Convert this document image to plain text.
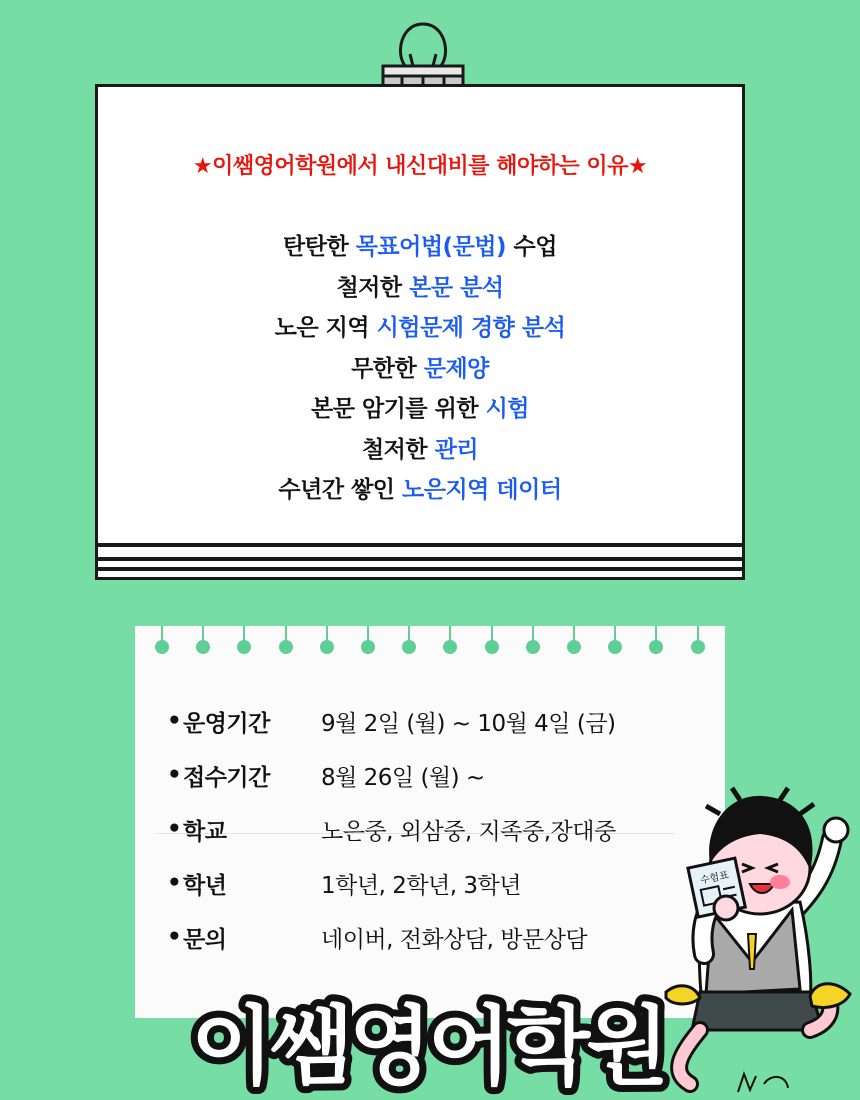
★이쌤영어학원에서 내신대비를 해야하는 이유★
탄탄한 목표어법(문법) 수업
철저한 본문 분석
노은 지역 시험문제 경향 분석
무한한 문제양
본문 암기를 위한 시험
철저한 관리
수년간 쌓인 노은지역 데이터
• 운영기간	9월 2일 (월) ~ 10월 4일 (금)
• 접수기간	8월 26일 (월) ~
• 학교	노은중, 외삼중, 지족중,장대중
• 학년	1학년, 2학년, 3학년
• 문의	네이버, 전화상담, 방문상담
이쌤영어학원
수험표
